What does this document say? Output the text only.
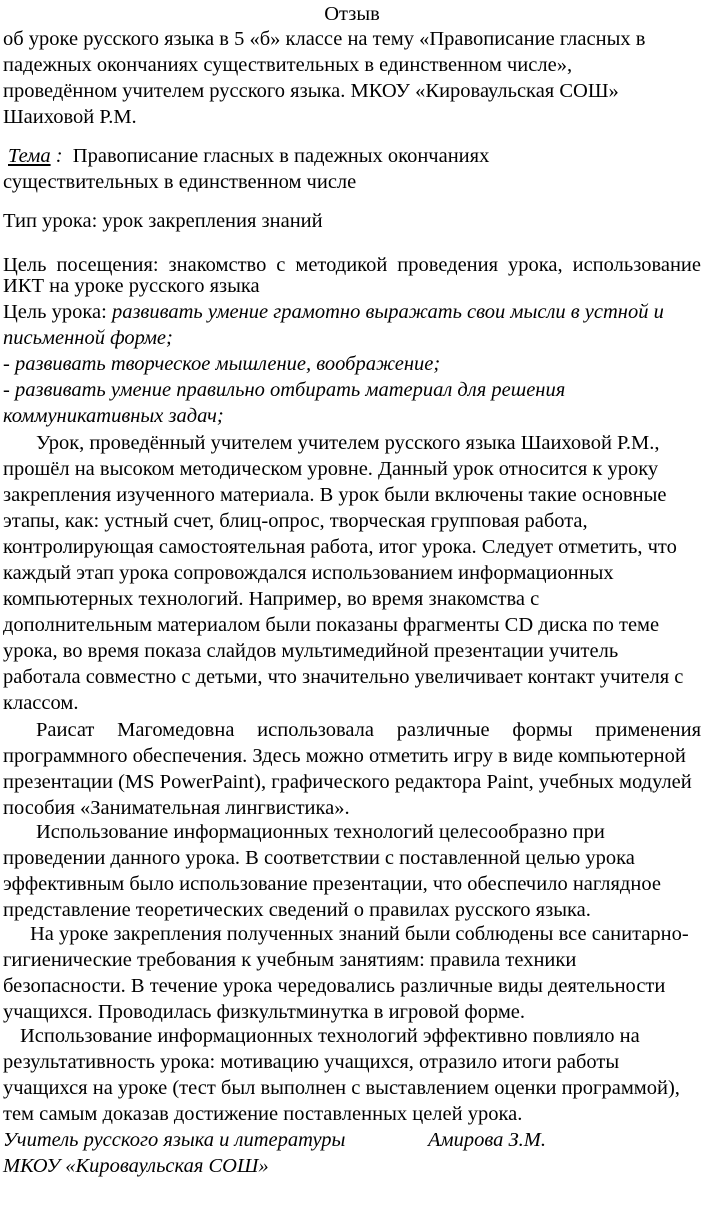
Отзыв
об уроке русского языка в 5 «б» классе на тему «Правописание гласных в
падежных окончаниях существительных в единственном числе»,
проведённом учителем русского языка. МКОУ «Кироваульская СОШ»
Шаиховой Р.М.
Тема : Правописание гласных в падежных окончаниях
существительных в единственном числе
Тип урока: урок закрепления знаний
Цель посещения: знакомство с методикой проведения урока, использование
ИКТ на уроке русского языка
Цель урока: развивать умение грамотно выражать свои мысли в устной и
письменной форме;
- развивать творческое мышление, воображение;
- развивать умение правильно отбирать материал для решения
коммуникативных задач;
Урок, проведённый учителем учителем русского языка Шаиховой Р.М.,
прошёл на высоком методическом уровне. Данный урок относится к уроку
закрепления изученного материала. В урок были включены такие основные
этапы, как: устный счет, блиц-опрос, творческая групповая работа,
контролирующая самостоятельная работа, итог урока. Следует отметить, что
каждый этап урока сопровождался использованием информационных
компьютерных технологий. Например, во время знакомства с
дополнительным материалом были показаны фрагменты CD диска по теме
урока, во время показа слайдов мультимедийной презентации учитель
работала совместно с детьми, что значительно увеличивает контакт учителя с
классом.
Раисат Магомедовна использовала различные формы применения
программного обеспечения. Здесь можно отметить игру в виде компьютерной
презентации (MS PowerPaint), графического редактора Paint, учебных модулей
пособия «Занимательная лингвистика».
Использование информационных технологий целесообразно при
проведении данного урока. В соответствии с поставленной целью урока
эффективным было использование презентации, что обеспечило наглядное
представление теоретических сведений о правилах русского языка.
На уроке закрепления полученных знаний были соблюдены все санитарно-
гигиенические требования к учебным занятиям: правила техники
безопасности. В течение урока чередовались различные виды деятельности
учащихся. Проводилась физкультминутка в игровой форме.
Использование информационных технологий эффективно повлияло на
результативность урока: мотивацию учащихся, отразило итоги работы
учащихся на уроке (тест был выполнен с выставлением оценки программой),
тем самым доказав достижение поставленных целей урока.
Учитель русского языка и литературы	Амирова З.М.
МКОУ «Кироваульская СОШ»
